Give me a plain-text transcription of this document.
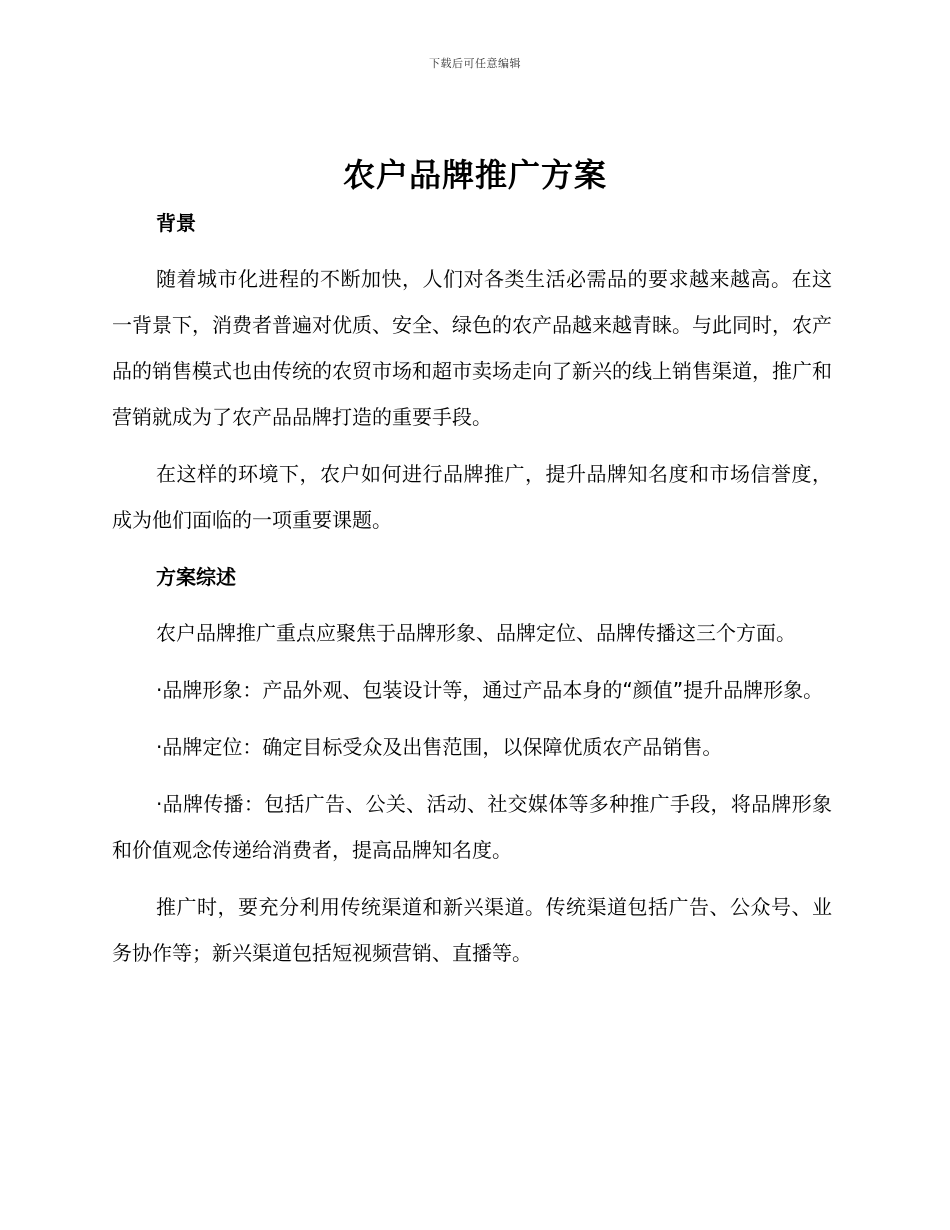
下载后可任意编辑
农户品牌推广方案
背景

随着城市化进程的不断加快，人们对各类生活必需品的要求越来越高。在这一背景下，消费者普遍对优质、安全、绿色的农产品越来越青睐。与此同时，农产品的销售模式也由传统的农贸市场和超市卖场走向了新兴的线上销售渠道，推广和营销就成为了农产品品牌打造的重要手段。

在这样的环境下，农户如何进行品牌推广，提升品牌知名度和市场信誉度，成为他们面临的一项重要课题。

方案综述

农户品牌推广重点应聚焦于品牌形象、品牌定位、品牌传播这三个方面。

·品牌形象：产品外观、包装设计等，通过产品本身的“颜值”提升品牌形象。

·品牌定位：确定目标受众及出售范围，以保障优质农产品销售。

·品牌传播：包括广告、公关、活动、社交媒体等多种推广手段，将品牌形象和价值观念传递给消费者，提高品牌知名度。

推广时，要充分利用传统渠道和新兴渠道。传统渠道包括广告、公众号、业务协作等；新兴渠道包括短视频营销、直播等。
